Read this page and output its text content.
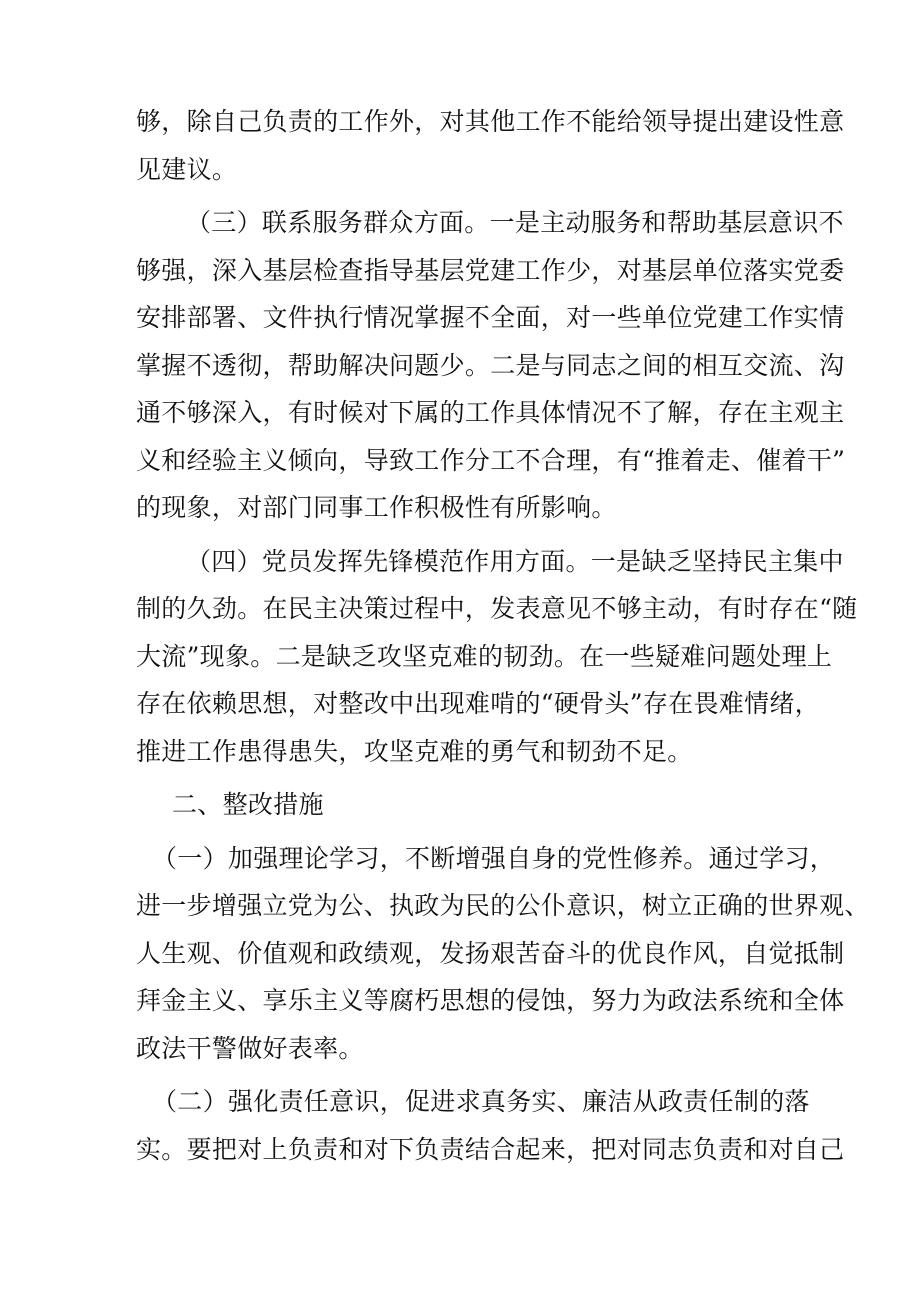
够，除自己负责的工作外，对其他工作不能给领导提出建设性意
见建议。
（三）联系服务群众方面。一是主动服务和帮助基层意识不
够强，深入基层检查指导基层党建工作少，对基层单位落实党委
安排部署、文件执行情况掌握不全面，对一些单位党建工作实情
掌握不透彻，帮助解决问题少。二是与同志之间的相互交流、沟
通不够深入，有时候对下属的工作具体情况不了解，存在主观主
义和经验主义倾向，导致工作分工不合理，有“推着走、催着干”
的现象，对部门同事工作积极性有所影响。
（四）党员发挥先锋模范作用方面。一是缺乏坚持民主集中
制的久劲。在民主决策过程中，发表意见不够主动，有时存在“随
大流”现象。二是缺乏攻坚克难的韧劲。在一些疑难问题处理上
存在依赖思想，对整改中出现难啃的“硬骨头”存在畏难情绪，
推进工作患得患失，攻坚克难的勇气和韧劲不足。
二、整改措施
（一）加强理论学习，不断增强自身的党性修养。通过学习，
进一步增强立党为公、执政为民的公仆意识，树立正确的世界观、
人生观、价值观和政绩观，发扬艰苦奋斗的优良作风，自觉抵制
拜金主义、享乐主义等腐朽思想的侵蚀，努力为政法系统和全体
政法干警做好表率。
（二）强化责任意识，促进求真务实、廉洁从政责任制的落
实。要把对上负责和对下负责结合起来，把对同志负责和对自己
